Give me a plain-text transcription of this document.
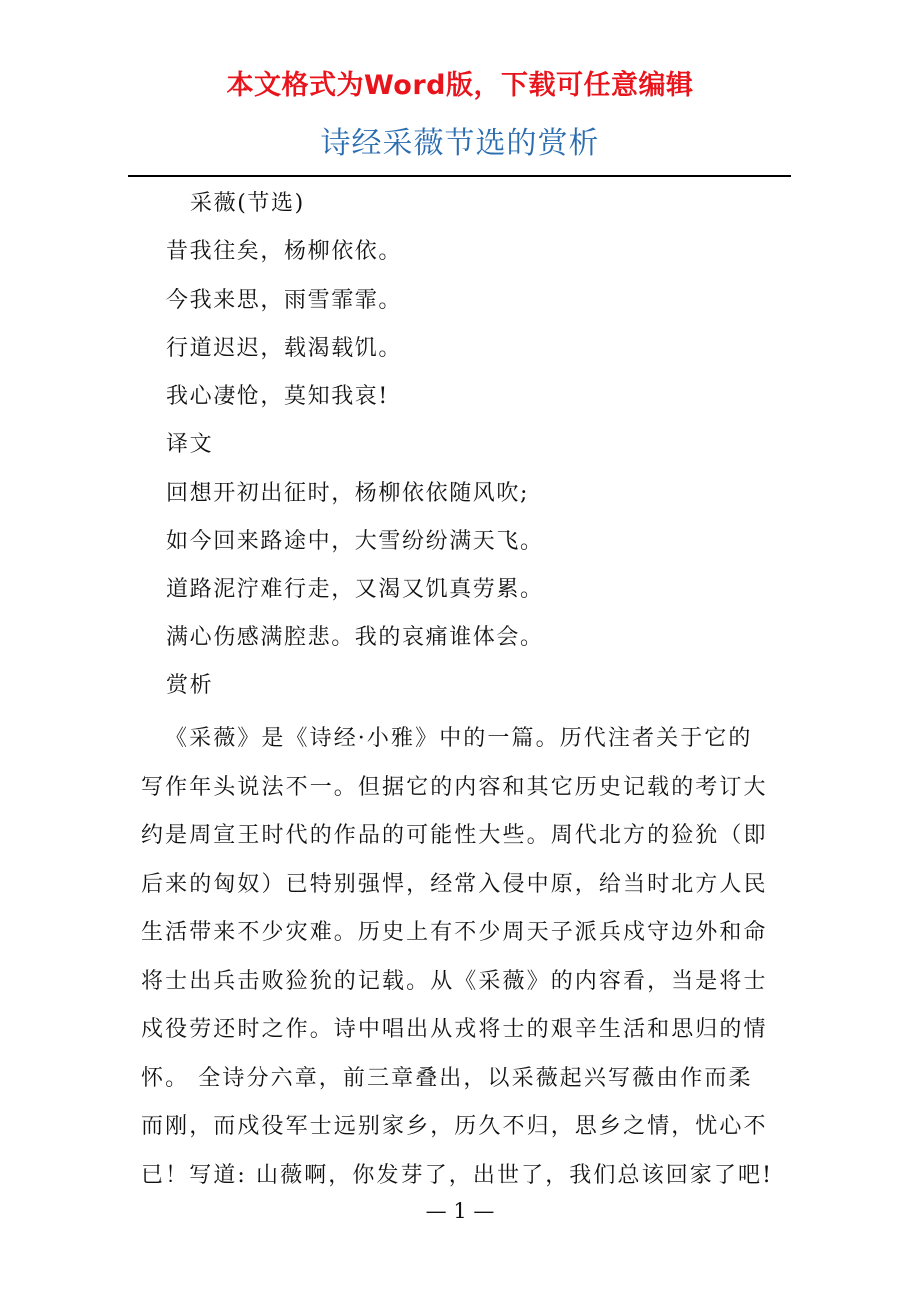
本文格式为Word版，下载可任意编辑
诗经采薇节选的赏析
采薇(节选)
昔我往矣，杨柳依依。
今我来思，雨雪霏霏。
行道迟迟，载渴载饥。
我心凄怆，莫知我哀!
译文
回想开初出征时，杨柳依依随风吹;
如今回来路途中，大雪纷纷满天飞。
道路泥泞难行走，又渴又饥真劳累。
满心伤感满腔悲。我的哀痛谁体会。
赏析
《采薇》是《诗经·小雅》中的一篇。历代注者关于它的
写作年头说法不一。但据它的内容和其它历史记载的考订大
约是周宣王时代的作品的可能性大些。周代北方的猃狁（即
后来的匈奴）已特别强悍，经常入侵中原，给当时北方人民
生活带来不少灾难。历史上有不少周天子派兵戍守边外和命
将士出兵击败猃狁的记载。从《采薇》的内容看，当是将士
戍役劳还时之作。诗中唱出从戎将士的艰辛生活和思归的情
怀。 全诗分六章，前三章叠出，以采薇起兴写薇由作而柔
而刚，而戍役军士远别家乡，历久不归，思乡之情，忧心不
已！写道: 山薇啊，你发芽了，出世了，我们总该回家了吧!
— 1 —
